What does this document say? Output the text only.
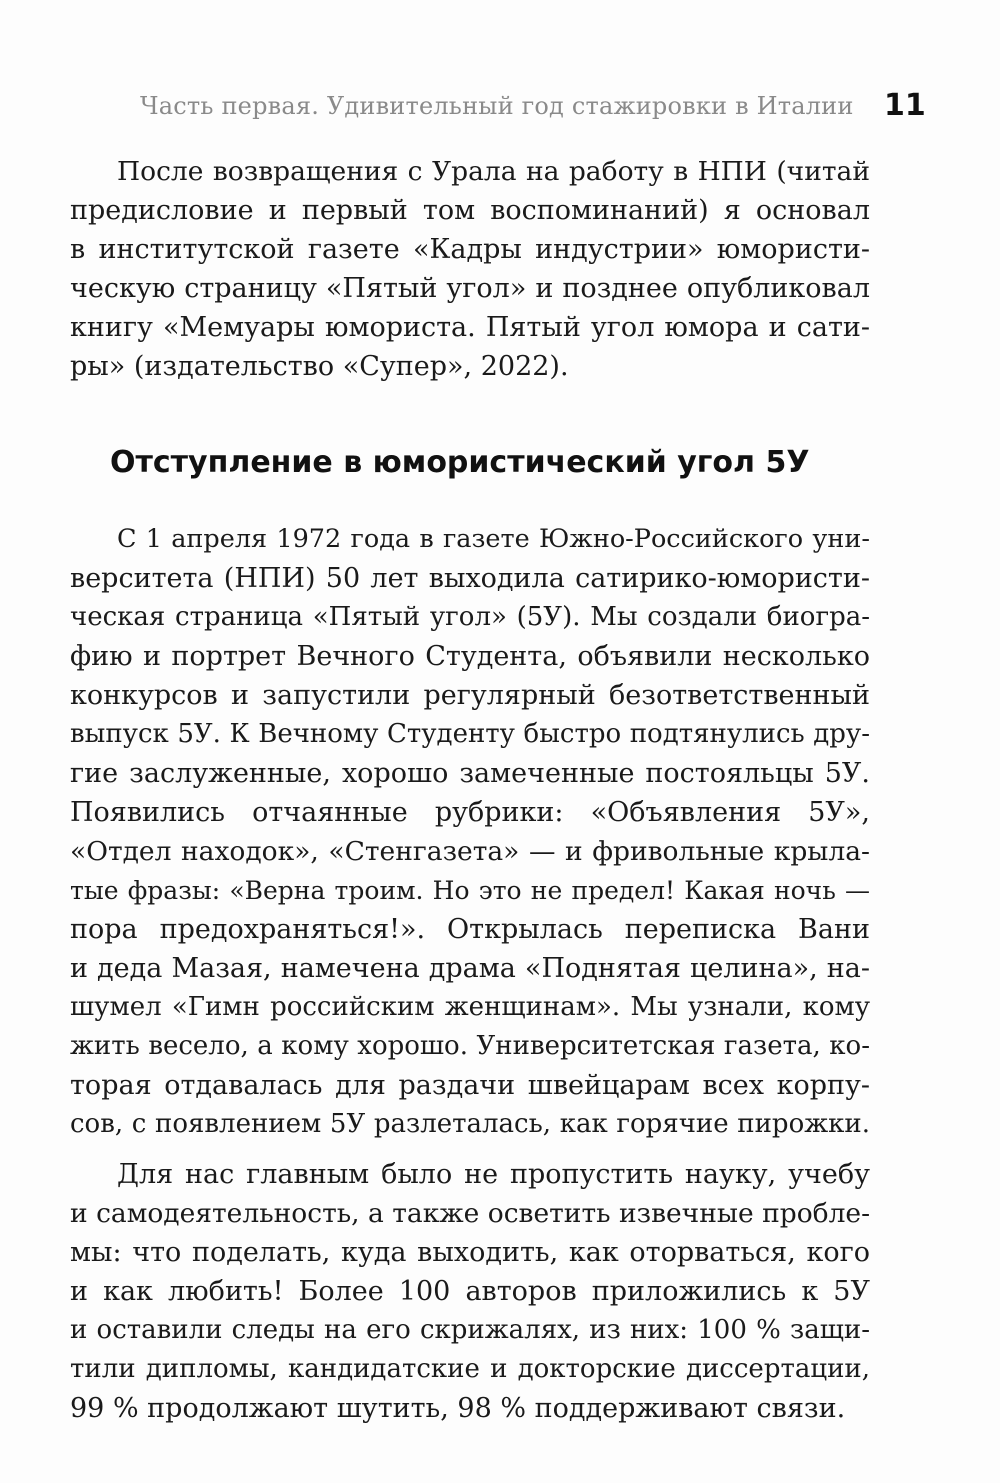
Часть первая. Удивительный год стажировки в Италии 11
После возвращения с Урала на работу в НПИ (читай
предисловие и первый том воспоминаний) я основал
в институтской газете «Кадры индустрии» юмористи-
ческую страницу «Пятый угол» и позднее опубликовал
книгу «Мемуары юмориста. Пятый угол юмора и сати-
ры» (издательство «Супер», 2022).
Отступление в юмористический угол 5У
С 1 апреля 1972 года в газете Южно-Российского уни-
верситета (НПИ) 50 лет выходила сатирико-юмористи-
ческая страница «Пятый угол» (5У). Мы создали биогра-
фию и портрет Вечного Студента, объявили несколько
конкурсов и запустили регулярный безответственный
выпуск 5У. К Вечному Студенту быстро подтянулись дру-
гие заслуженные, хорошо замеченные постояльцы 5У.
Появились отчаянные рубрики: «Объявления 5У»,
«Отдел находок», «Стенгазета» — и фривольные крыла-
тые фразы: «Верна троим. Но это не предел! Какая ночь —
пора предохраняться!». Открылась переписка Вани
и деда Мазая, намечена драма «Поднятая целина», на-
шумел «Гимн российским женщинам». Мы узнали, кому
жить весело, а кому хорошо. Университетская газета, ко-
торая отдавалась для раздачи швейцарам всех корпу-
сов, с появлением 5У разлеталась, как горячие пирожки.
Для нас главным было не пропустить науку, учебу
и самодеятельность, а также осветить извечные пробле-
мы: что поделать, куда выходить, как оторваться, кого
и как любить! Более 100 авторов приложились к 5У
и оставили следы на его скрижалях, из них: 100 % защи-
тили дипломы, кандидатские и докторские диссертации,
99 % продолжают шутить, 98 % поддерживают связи.
